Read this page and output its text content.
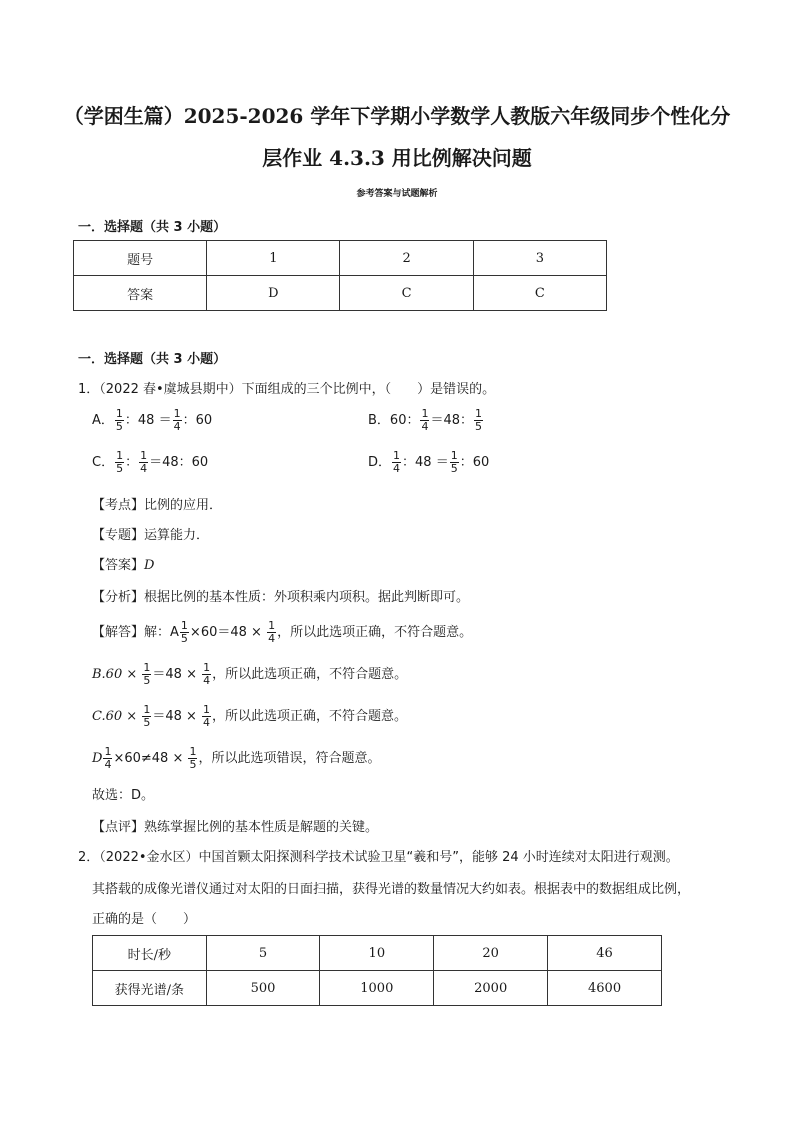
（学困生篇）2025-2026 学年下学期小学数学人教版六年级同步个性化分
层作业 4.3.3 用比例解决问题
参考答案与试题解析
一．选择题（共 3 小题）
题号	1	2	3
答案	D	C	C
一．选择题（共 3 小题）
1．（2022 春•虞城县期中）下面组成的三个比例中，（　　）是错误的。
A． $\frac{1}{5}$ ：$48 = \frac{1}{4}$ ：60	B．60： $\frac{1}{4} =48$： $\frac{1}{5}$
C． $\frac{1}{5}$ ： $\frac{1}{4} =48$：60	D． $\frac{1}{4}$ ：$48 = \frac{1}{5}$ ：60
【考点】比例的应用．
【专题】运算能力．
【答案】D
【分析】根据比例的基本性质：外项积乘内项积。据此判断即可。
【解答】解：A $\frac{1}{5} \times 60=48 \times \frac{1}{4}$ ，所以此选项正确，不符合题意。
$B.60 \times \frac{1}{5} =48 \times \frac{1}{4}$ ，所以此选项正确，不符合题意。
$C.60 \times \frac{1}{5} =48 \times \frac{1}{4}$ ，所以此选项正确，不符合题意。
D $\frac{1}{4} \times 60\ne 48 \times \frac{1}{5}$ ，所以此选项错误，符合题意。
故选：D。
【点评】熟练掌握比例的基本性质是解题的关键。
2．（2022•金水区）中国首颗太阳探测科学技术试验卫星“羲和号”，能够 24 小时连续对太阳进行观测。
其搭载的成像光谱仪通过对太阳的日面扫描，获得光谱的数量情况大约如表。根据表中的数据组成比例，
正确的是（　　）
时长/秒	5	10	20	46
获得光谱/条	500	1000	2000	4600
